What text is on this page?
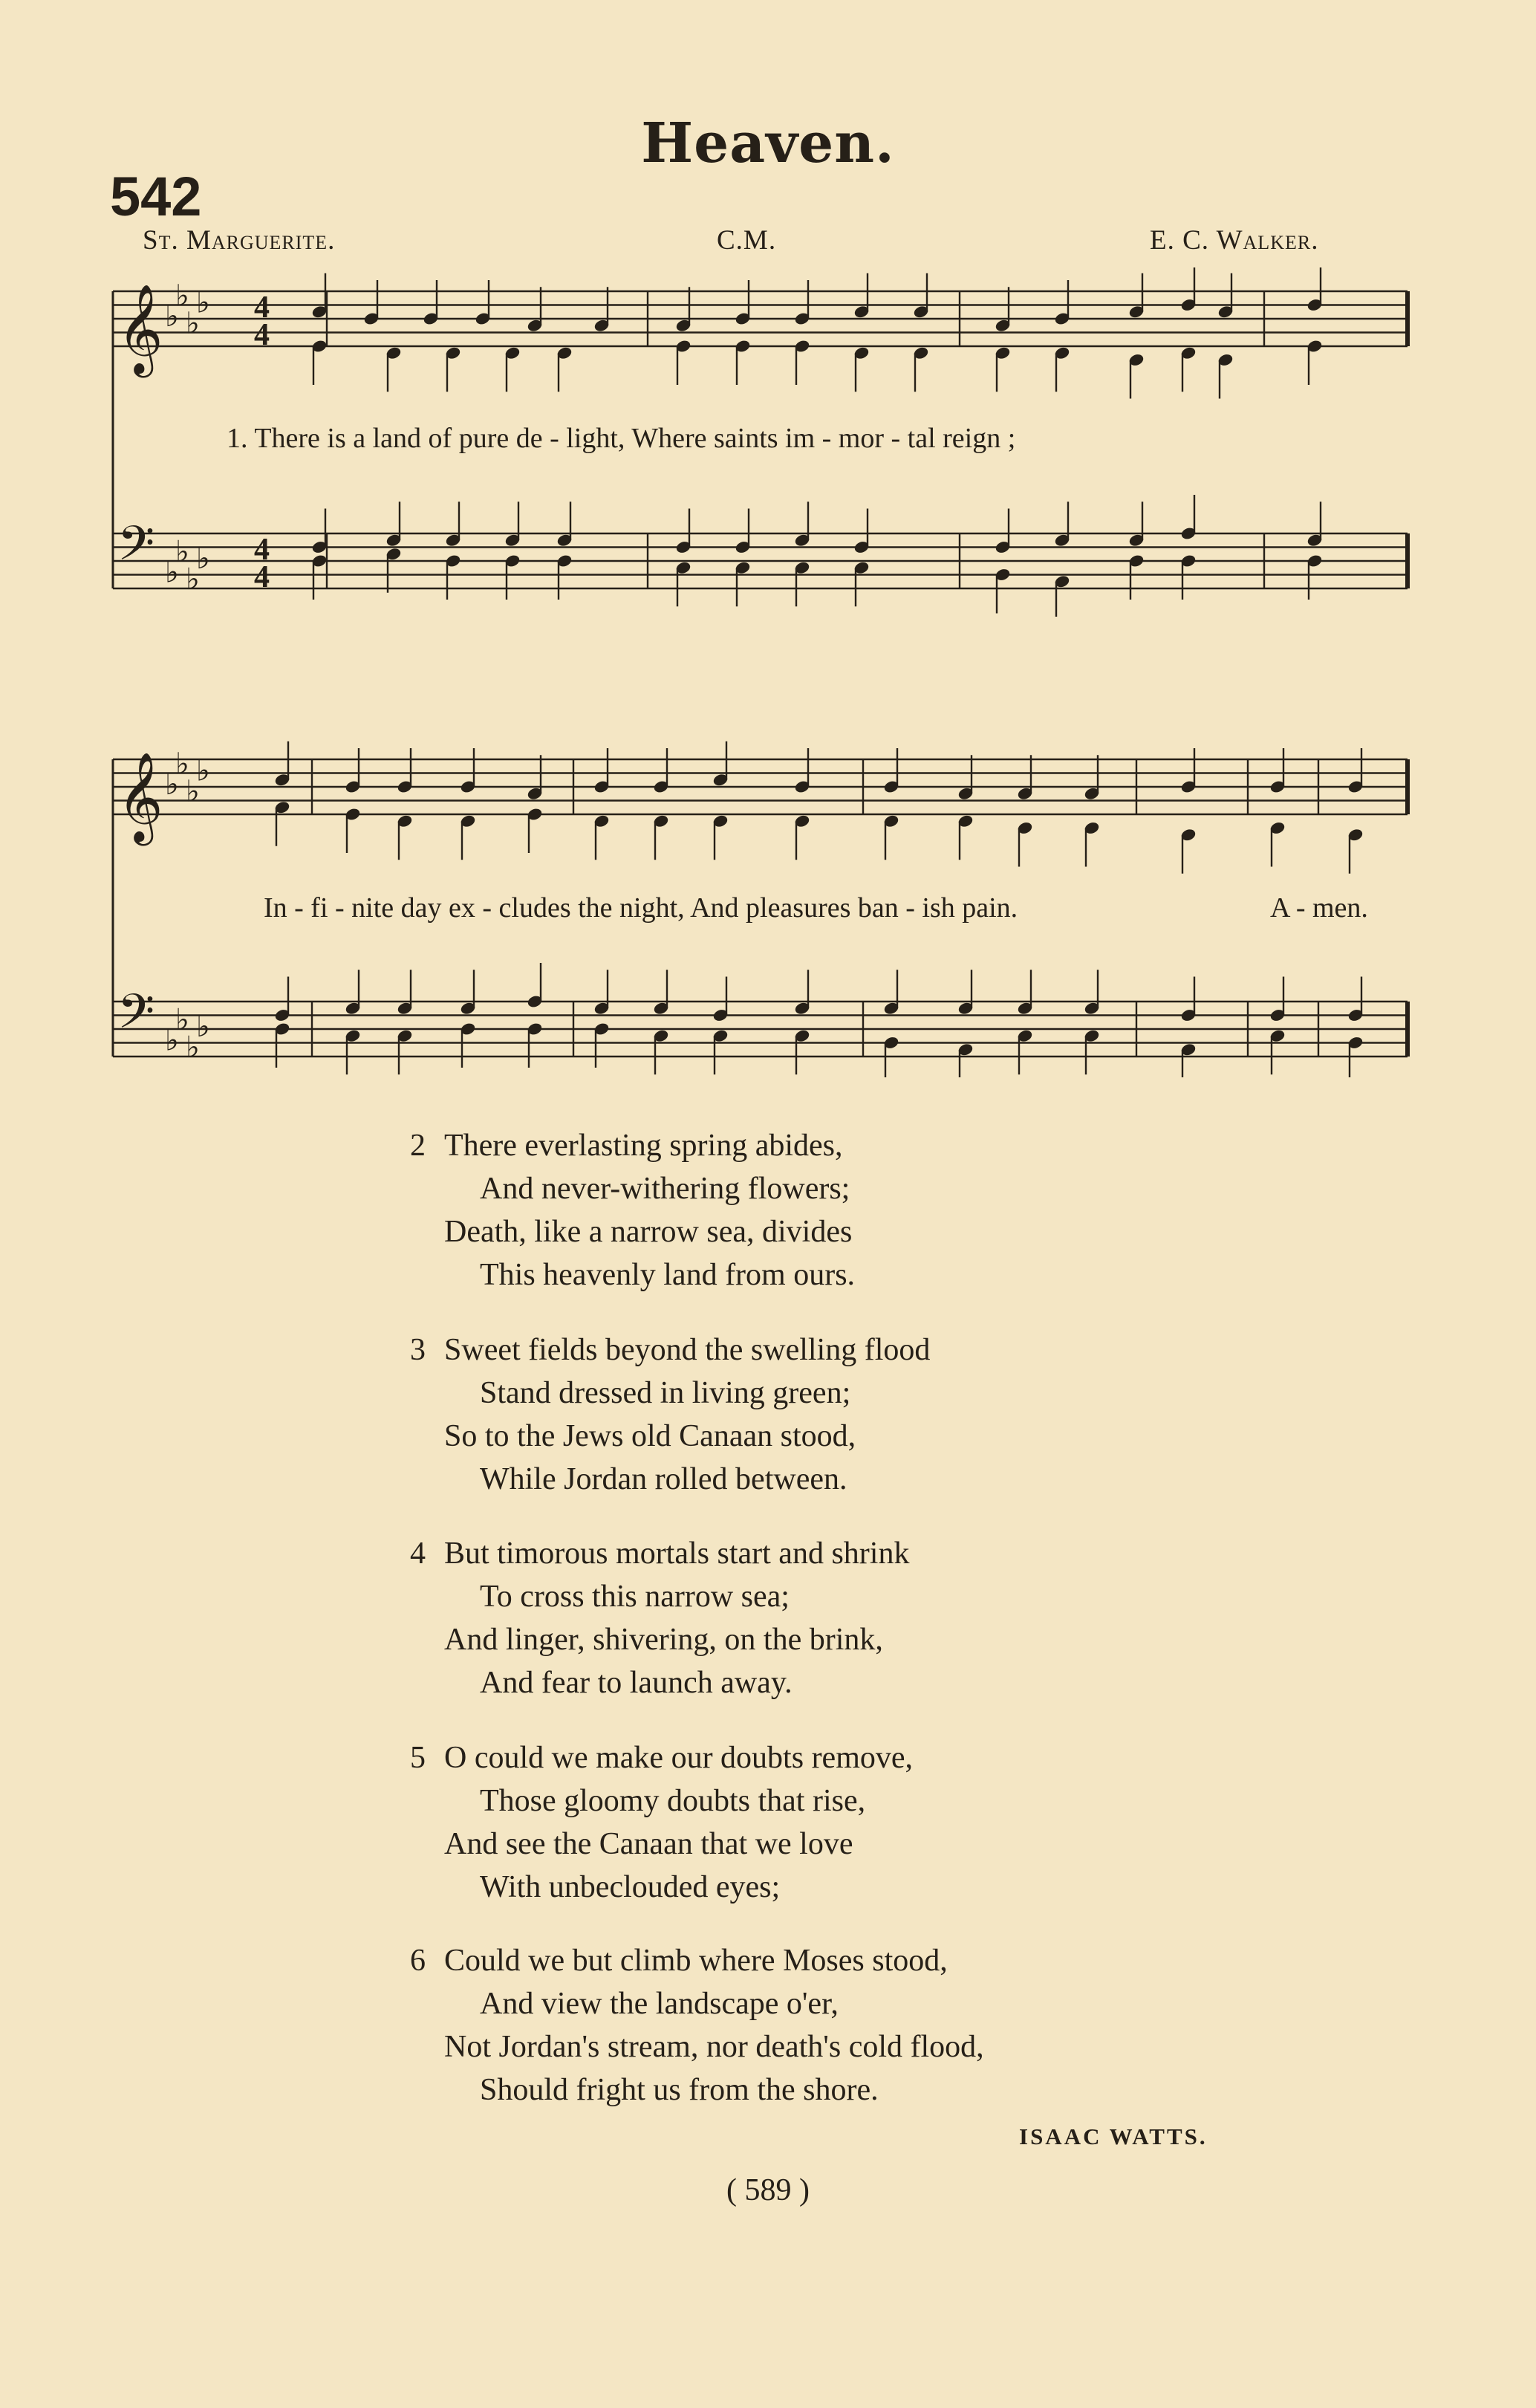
Heaven.
542
St. Marguerite.	C.M.	E. C. Walker.
𝄞 ♭
♭
♭
♭ 4
4
𝄢 ♭
♭
♭
♭ 4
4
1. There is a land of pure de - light, Where saints im - mor - tal reign ;
𝄞 ♭
♭
♭
♭
𝄢 ♭
♭
♭
♭
In - fi - nite day ex - cludes the night, And pleasures ban - ish pain.	A - men.
2 There everlasting spring abides,
And never-withering flowers;
Death, like a narrow sea, divides
This heavenly land from ours.
3 Sweet fields beyond the swelling flood
Stand dressed in living green;
So to the Jews old Canaan stood,
While Jordan rolled between.
4 But timorous mortals start and shrink
To cross this narrow sea;
And linger, shivering, on the brink,
And fear to launch away.
5 O could we make our doubts remove,
Those gloomy doubts that rise,
And see the Canaan that we love
With unbeclouded eyes;
6 Could we but climb where Moses stood,
And view the landscape o'er,
Not Jordan's stream, nor death's cold flood,
Should fright us from the shore.
ISAAC WATTS.
( 589 )
